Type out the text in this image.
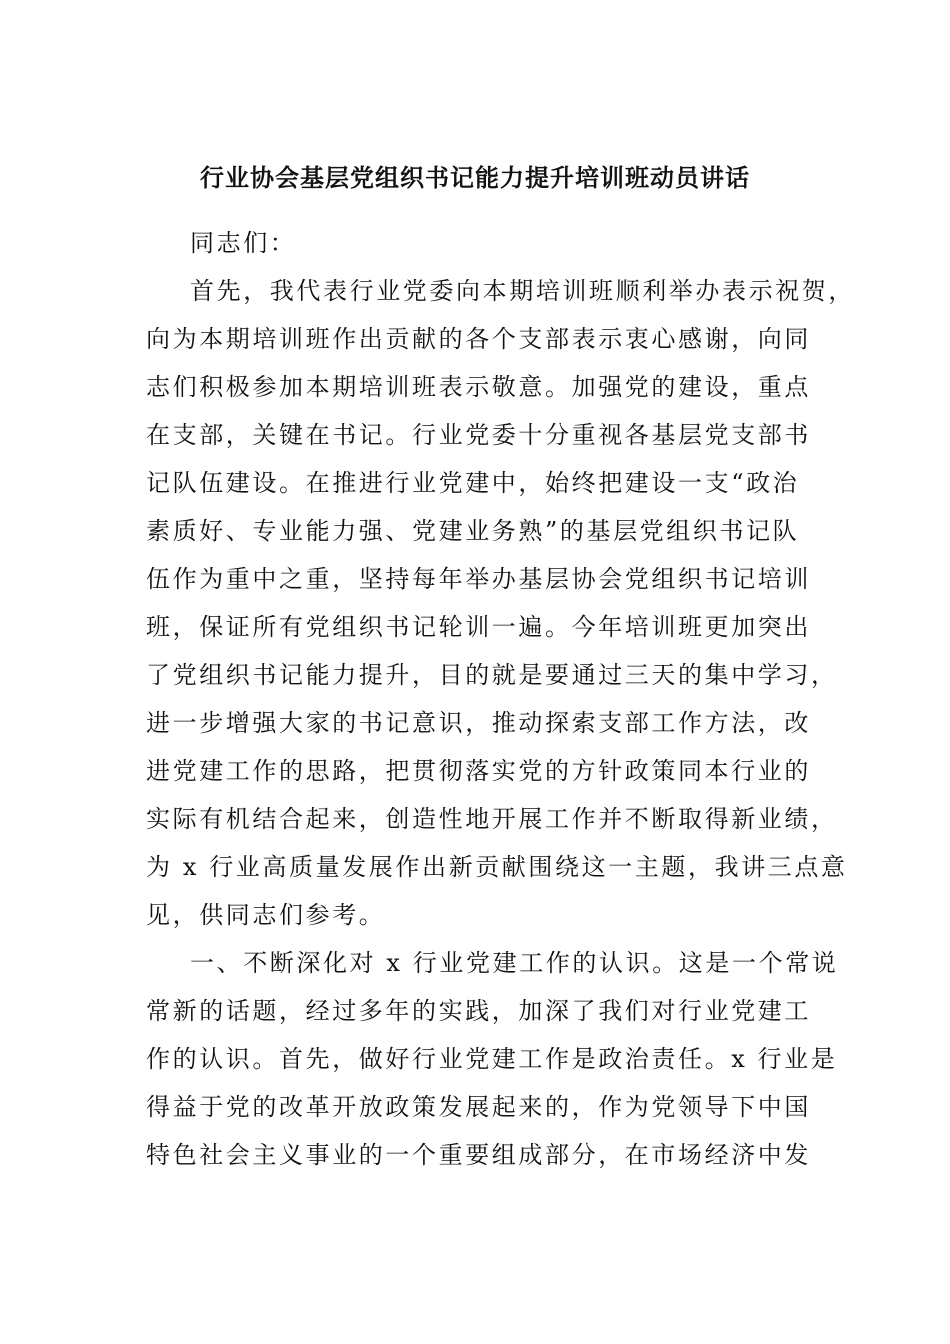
行业协会基层党组织书记能力提升培训班动员讲话
同志们：
首先，我代表行业党委向本期培训班顺利举办表示祝贺，
向为本期培训班作出贡献的各个支部表示衷心感谢，向同
志们积极参加本期培训班表示敬意。加强党的建设，重点
在支部，关键在书记。行业党委十分重视各基层党支部书
记队伍建设。在推进行业党建中，始终把建设一支“政治
素质好、专业能力强、党建业务熟”的基层党组织书记队
伍作为重中之重，坚持每年举办基层协会党组织书记培训
班，保证所有党组织书记轮训一遍。今年培训班更加突出
了党组织书记能力提升，目的就是要通过三天的集中学习，
进一步增强大家的书记意识，推动探索支部工作方法，改
进党建工作的思路，把贯彻落实党的方针政策同本行业的
实际有机结合起来，创造性地开展工作并不断取得新业绩，
为 x 行业高质量发展作出新贡献围绕这一主题，我讲三点意
见，供同志们参考。
一、不断深化对 x 行业党建工作的认识。这是一个常说
常新的话题，经过多年的实践，加深了我们对行业党建工
作的认识。首先，做好行业党建工作是政治责任。x 行业是
得益于党的改革开放政策发展起来的，作为党领导下中国
特色社会主义事业的一个重要组成部分，在市场经济中发
